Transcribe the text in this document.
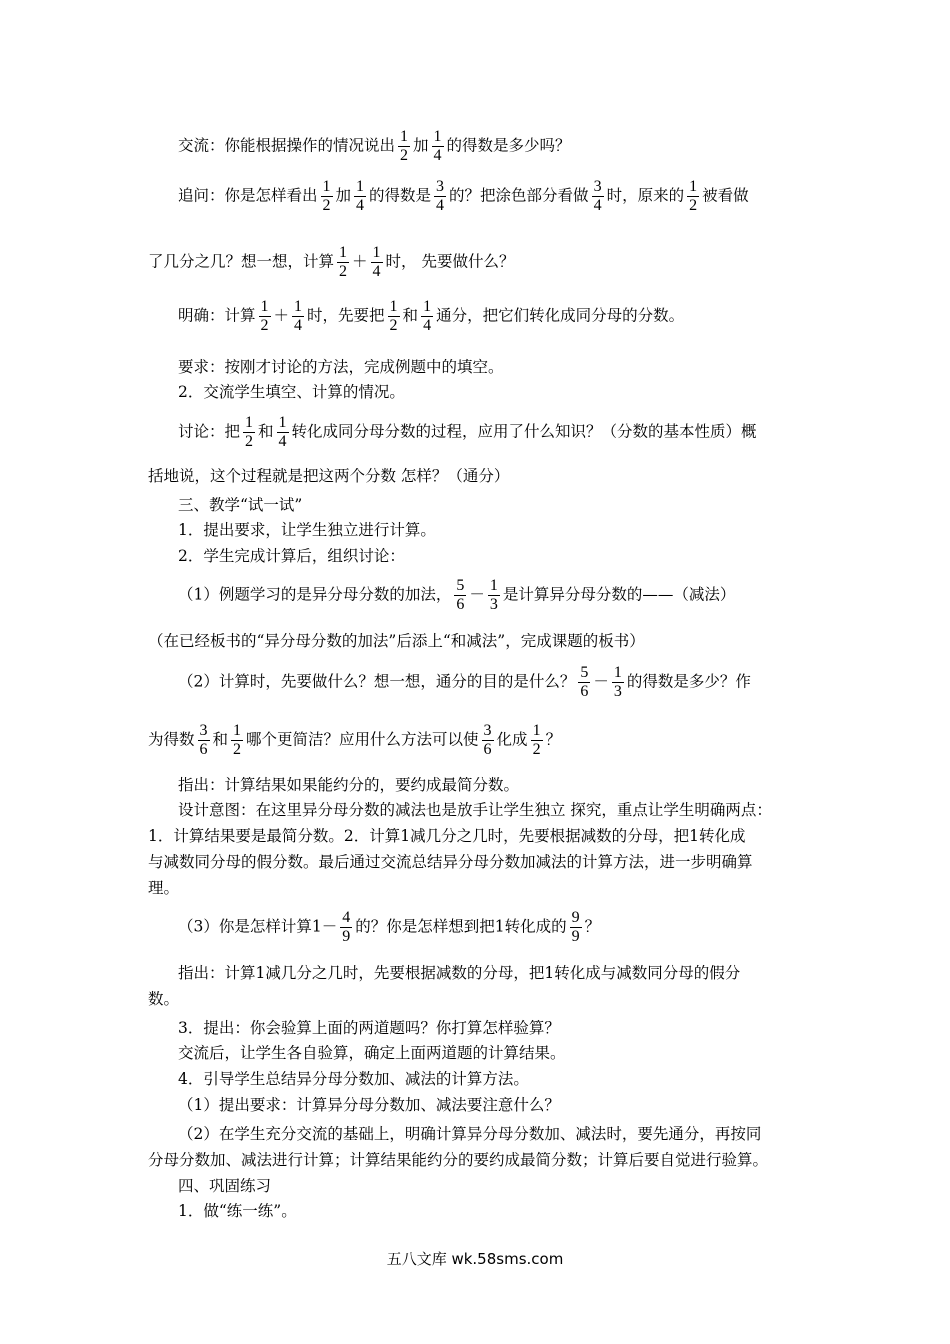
交流：你能根据操作的情况说出 $\frac{1}{2}$ 加 $\frac{1}{4}$ 的得数是多少吗？
追问：你是怎样看出 $\frac{1}{2}$ 加 $\frac{1}{4}$ 的得数是 $\frac{3}{4}$ 的？把涂色部分看做 $\frac{3}{4}$ 时，原来的 $\frac{1}{2}$ 被看做
了几分之几？想一想，计算 $\frac{1}{2} + \frac{1}{4}$ 时， 先要做什么？
明确：计算 $\frac{1}{2} + \frac{1}{4}$ 时，先要把 $\frac{1}{2}$ 和 $\frac{1}{4}$ 通分，把它们转化成同分母的分数。
要求：按刚才讨论的方法，完成例题中的填空。
2．交流学生填空、计算的情况。
讨论：把 $\frac{1}{2}$ 和 $\frac{1}{4}$ 转化成同分母分数的过程，应用了什么知识？（分数的基本性质）概
括地说，这个过程就是把这两个分数 怎样？（通分）
三、教学“试一试”
1．提出要求，让学生独立进行计算。
2．学生完成计算后，组织讨论：
（1）例题学习的是异分母分数的加法， $\frac{5}{6} - \frac{1}{3}$ 是计算异分母分数的——（减法）
（在已经板书的“异分母分数的加法”后添上“和减法”，完成课题的板书）
（2）计算时，先要做什么？想一想，通分的目的是什么？ $\frac{5}{6} - \frac{1}{3}$ 的得数是多少？作
为得数 $\frac{3}{6}$ 和 $\frac{1}{2}$ 哪个更简洁？应用什么方法可以使 $\frac{3}{6}$ 化成 $\frac{1}{2}$ ？
指出：计算结果如果能约分的，要约成最简分数。
设计意图：在这里异分母分数的减法也是放手让学生独立 探究，重点让学生明确两点：
1．计算结果要是最简分数。2．计算1减几分之几时，先要根据减数的分母，把1转化成
与减数同分母的假分数。最后通过交流总结异分母分数加减法的计算方法，进一步明确算
理。
（3）你是怎样计算$1- \frac{4}{9}$ 的？你是怎样想到把1转化成的 $\frac{9}{9}$ ？
指出：计算1减几分之几时，先要根据减数的分母，把1转化成与减数同分母的假分
数。
3．提出：你会验算上面的两道题吗？你打算怎样验算？
交流后，让学生各自验算，确定上面两道题的计算结果。
4．引导学生总结异分母分数加、减法的计算方法。
（1）提出要求：计算异分母分数加、减法要注意什么？
（2）在学生充分交流的基础上，明确计算异分母分数加、减法时，要先通分，再按同
分母分数加、减法进行计算；计算结果能约分的要约成最简分数；计算后要自觉进行验算。
四、巩固练习
1．做“练一练”。
五八文库 wk.58sms.com
